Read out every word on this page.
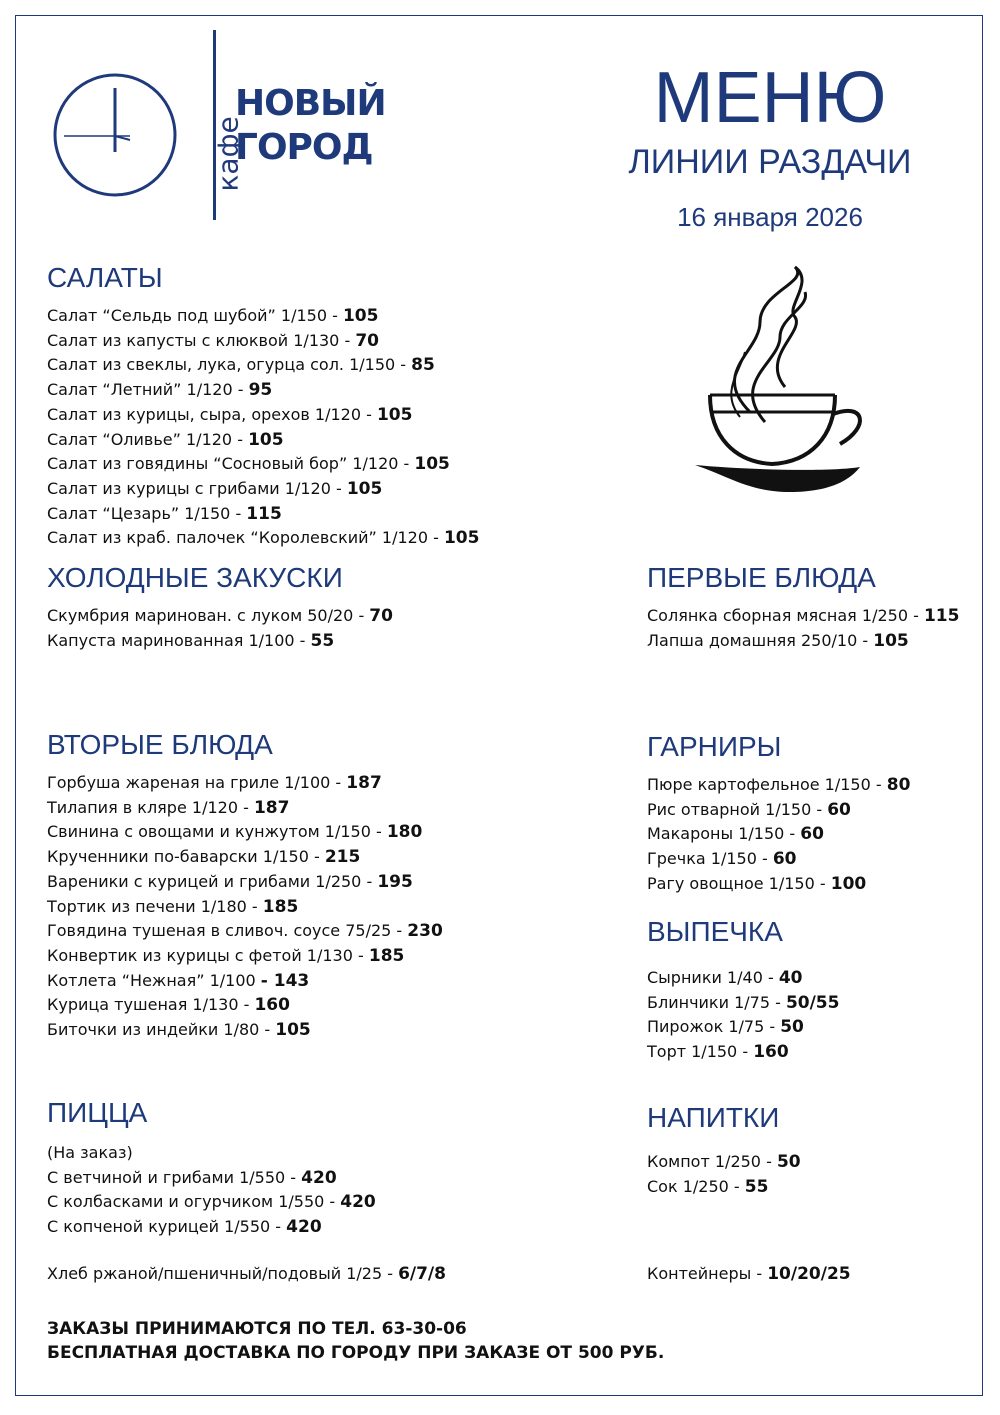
кафе
НОВЫЙ
ГОРОД
МЕНЮ
ЛИНИИ РАЗДАЧИ
16 января 2026
САЛАТЫ
Салат “Сельдь под шубой” 1/150 - 105
Салат из капусты с клюквой 1/130 - 70
Салат из свеклы, лука, огурца сол. 1/150 - 85
Салат “Летний” 1/120 - 95
Салат из курицы, сыра, орехов 1/120 - 105
Салат “Оливье” 1/120 - 105
Салат из говядины “Сосновый бор” 1/120 - 105
Салат из курицы с грибами 1/120 - 105
Салат “Цезарь” 1/150 - 115
Салат из краб. палочек “Королевский” 1/120 - 105
ХОЛОДНЫЕ ЗАКУСКИ
Скумбрия маринован. с луком 50/20 - 70
Капуста маринованная 1/100 - 55
ПЕРВЫЕ БЛЮДА
Солянка сборная мясная 1/250 - 115
Лапша домашняя 250/10 - 105
ВТОРЫЕ БЛЮДА
Горбуша жареная на гриле 1/100 - 187
Тилапия в кляре 1/120 - 187
Свинина с овощами и кунжутом 1/150 - 180
Крученники по-баварски 1/150 - 215
Вареники с курицей и грибами 1/250 - 195
Тортик из печени 1/180 - 185
Говядина тушеная в сливоч. соусе 75/25 - 230
Конвертик из курицы с фетой 1/130 - 185
Котлета “Нежная” 1/100 - 143
Курица тушеная 1/130 - 160
Биточки из индейки 1/80 - 105
ГАРНИРЫ
Пюре картофельное 1/150 - 80
Рис отварной 1/150 - 60
Макароны 1/150 - 60
Гречка 1/150 - 60
Рагу овощное 1/150 - 100
ВЫПЕЧКА
Сырники 1/40 - 40
Блинчики 1/75 - 50/55
Пирожок 1/75 - 50
Торт 1/150 - 160
ПИЦЦА
(На заказ)
С ветчиной и грибами 1/550 - 420
С колбасками и огурчиком 1/550 - 420
С копченой курицей 1/550 - 420
НАПИТКИ
Компот 1/250 - 50
Сок 1/250 - 55
Хлеб ржаной/пшеничный/подовый 1/25 - 6/7/8	Контейнеры - 10/20/25
ЗАКАЗЫ ПРИНИМАЮТСЯ ПО ТЕЛ. 63-30-06
БЕСПЛАТНАЯ ДОСТАВКА ПО ГОРОДУ ПРИ ЗАКАЗЕ ОТ 500 РУБ.
